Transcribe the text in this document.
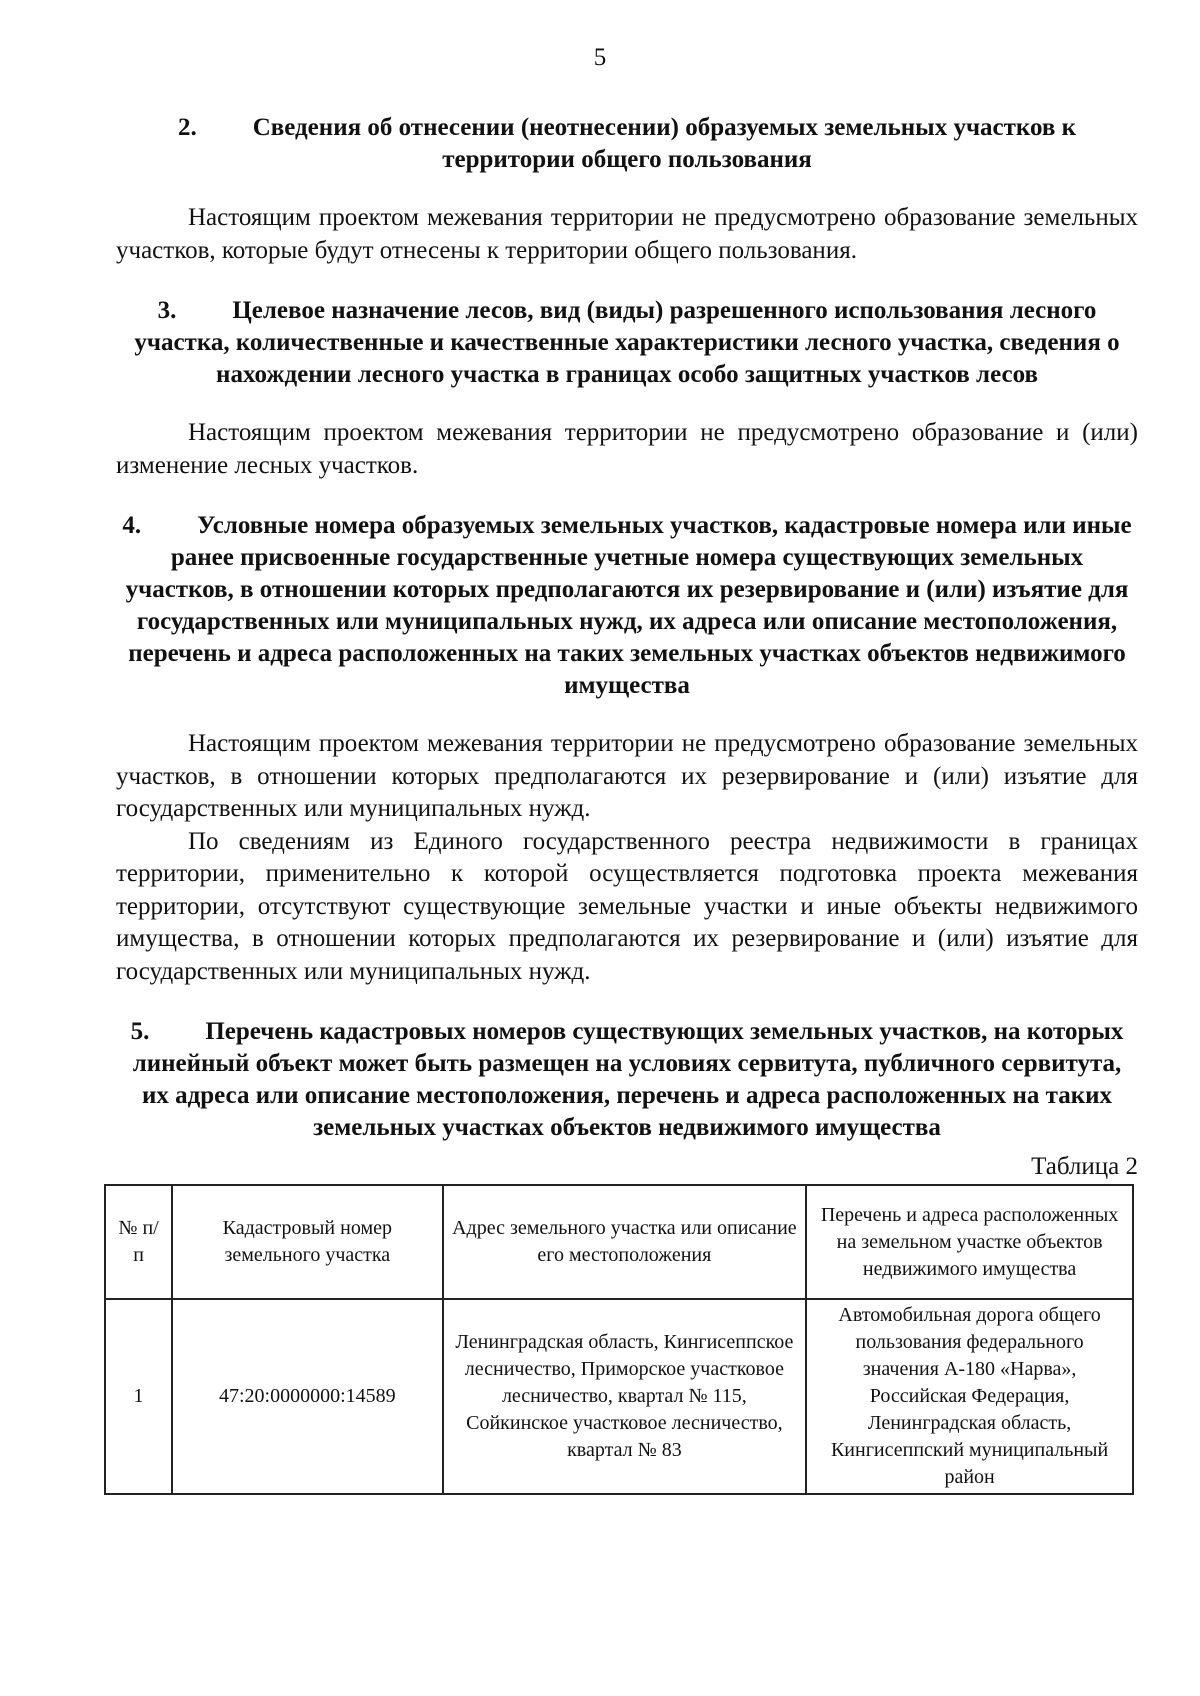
5
2. Сведения об отнесении (неотнесении) образуемых земельных участков к территории общего пользования

Настоящим проектом межевания территории не предусмотрено образование земельных участков, которые будут отнесены к территории общего пользования.

3. Целевое назначение лесов, вид (виды) разрешенного использования лесного участка, количественные и качественные характеристики лесного участка, сведения о нахождении лесного участка в границах особо защитных участков лесов

Настоящим проектом межевания территории не предусмотрено образование и (или) изменение лесных участков.

4. Условные номера образуемых земельных участков, кадастровые номера или иные ранее присвоенные государственные учетные номера существующих земельных участков, в отношении которых предполагаются их резервирование и (или) изъятие для государственных или муниципальных нужд, их адреса или описание местоположения, перечень и адреса расположенных на таких земельных участках объектов недвижимого имущества

Настоящим проектом межевания территории не предусмотрено образование земельных участков, в отношении которых предполагаются их резервирование и (или) изъятие для государственных или муниципальных нужд.

По сведениям из Единого государственного реестра недвижимости в границах территории, применительно к которой осуществляется подготовка проекта межевания территории, отсутствуют существующие земельные участки и иные объекты недвижимого имущества, в отношении которых предполагаются их резервирование и (или) изъятие для государственных или муниципальных нужд.

5. Перечень кадастровых номеров существующих земельных участков, на которых линейный объект может быть размещен на условиях сервитута, публичного сервитута, их адреса или описание местоположения, перечень и адреса расположенных на таких земельных участках объектов недвижимого имущества
Таблица 2
№ п/п	Кадастровый номер земельного участка	Адрес земельного участка или описание его местоположения	Перечень и адреса расположенных на земельном участке объектов недвижимого имущества
1	47:20:0000000:14589	Ленинградская область, Кингисеппское лесничество, Приморское участковое лесничество, квартал № 115, Сойкинское участковое лесничество, квартал № 83	Автомобильная дорога общего пользования федерального значения А-180 «Нарва», Российская Федерация, Ленинградская область, Кингисеппский муниципальный район
